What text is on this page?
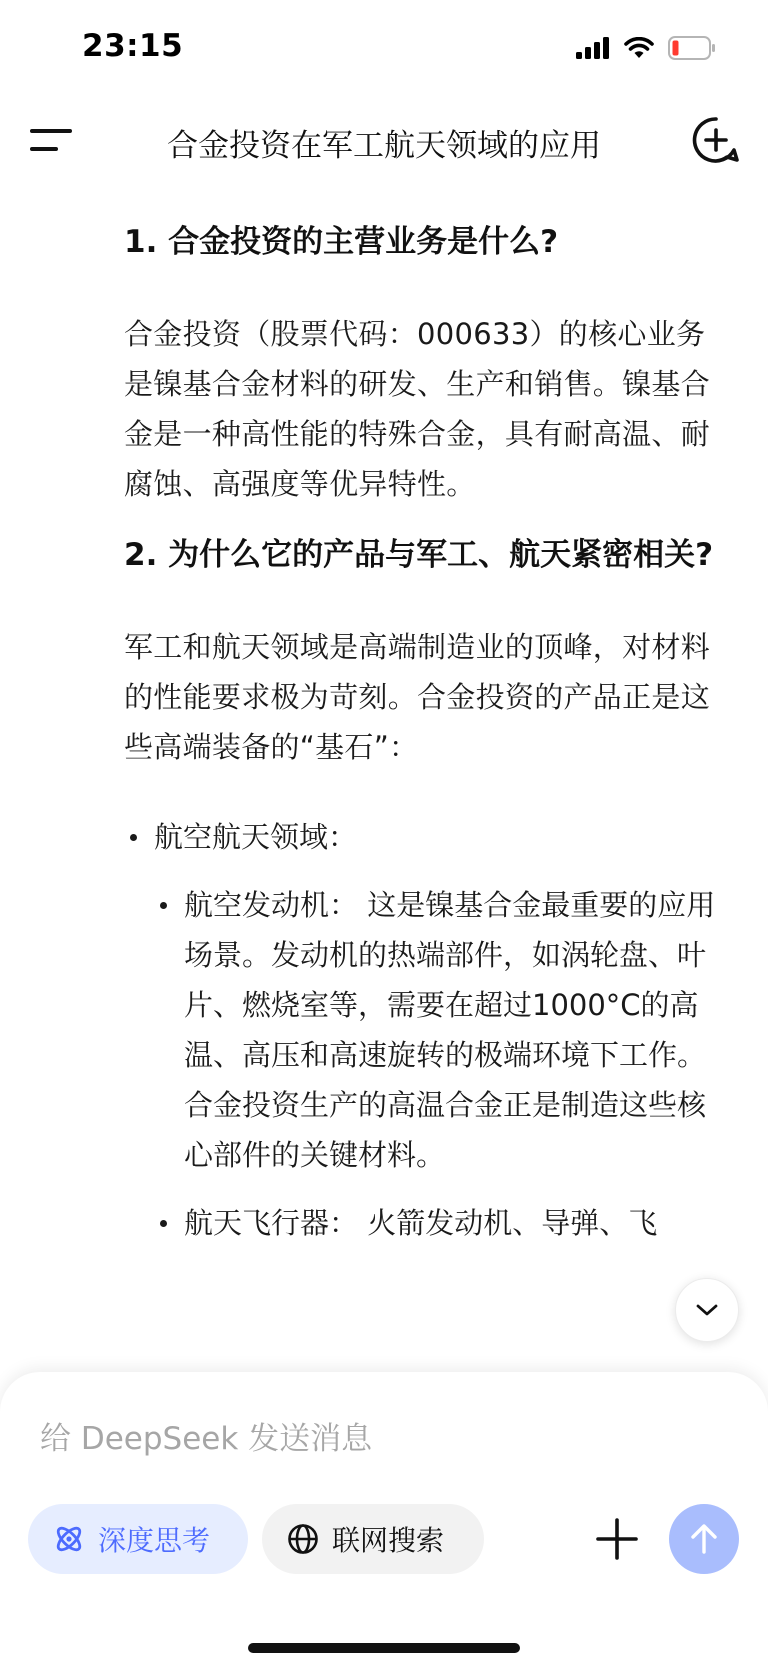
23:15
合金投资在军工航天领域的应用
1. 合金投资的主营业务是什么?

合金投资（股票代码：000633）的核心业务是镍基合金材料的研发、生产和销售。镍基合金是一种高性能的特殊合金，具有耐高温、耐腐蚀、高强度等优异特性。

2. 为什么它的产品与军工、航天紧密相关?

军工和航天领域是高端制造业的顶峰，对材料的性能要求极为苛刻。合金投资的产品正是这些高端装备的“基石”：

航空航天领域：
航空发动机： 这是镍基合金最重要的应用场景。发动机的热端部件，如涡轮盘、叶片、燃烧室等，需要在超过1000°C的高温、高压和高速旋转的极端环境下工作。合金投资生产的高温合金正是制造这些核心部件的关键材料。
航天飞行器： 火箭发动机、导弹、飞
给 DeepSeek 发送消息
深度思考	联网搜索
